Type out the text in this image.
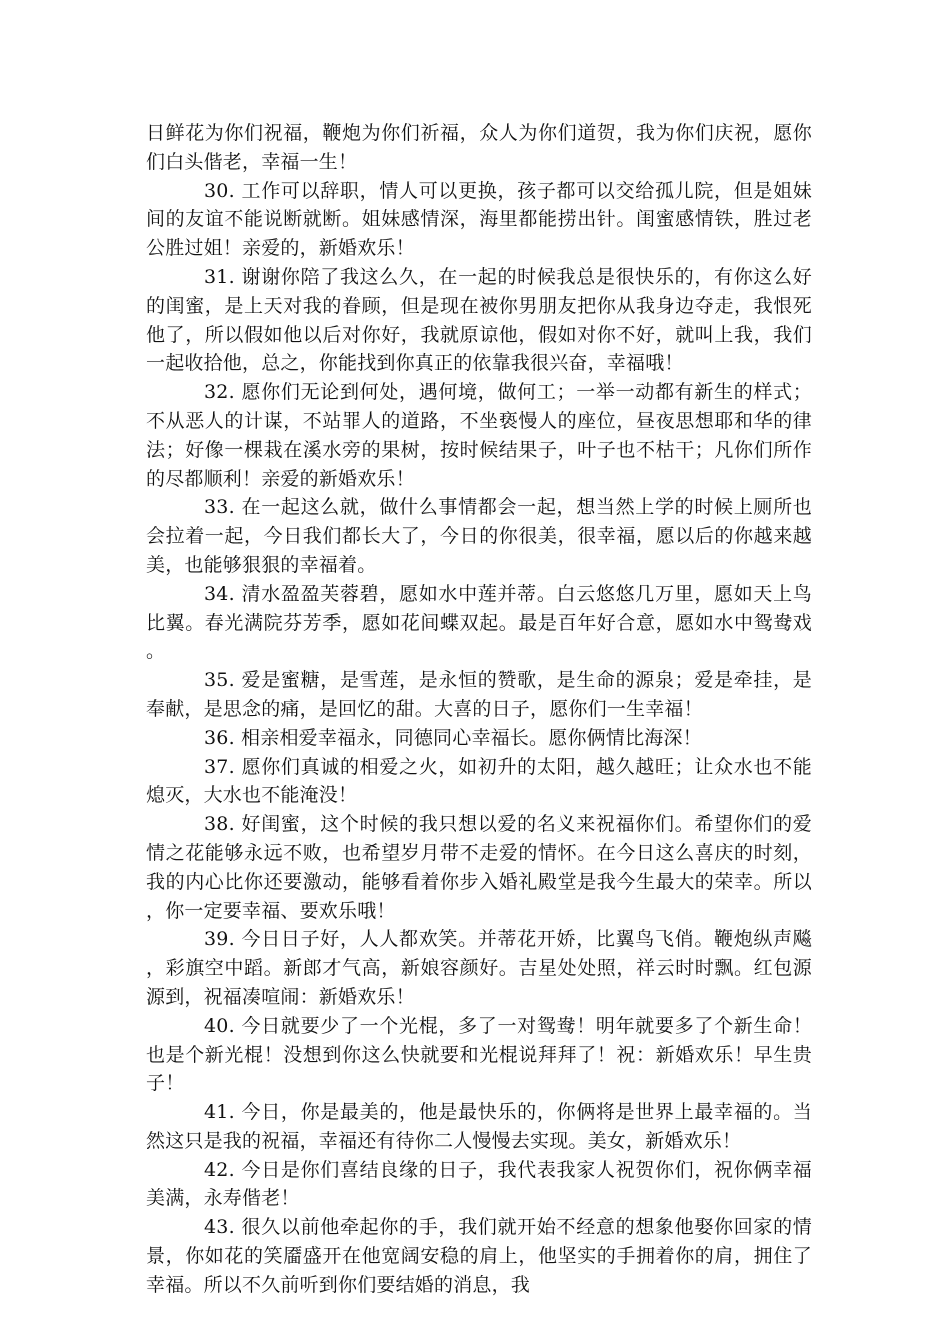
日鲜花为你们祝福，鞭炮为你们祈福，众人为你们道贺，我为你们庆祝，愿你们白头偕老，幸福一生！

30. 工作可以辞职，情人可以更换，孩子都可以交给孤儿院，但是姐妹间的友谊不能说断就断。姐妹感情深，海里都能捞出针。闺蜜感情铁，胜过老公胜过姐！亲爱的，新婚欢乐！

31. 谢谢你陪了我这么久，在一起的时候我总是很快乐的，有你这么好的闺蜜，是上天对我的眷顾，但是现在被你男朋友把你从我身边夺走，我恨死他了，所以假如他以后对你好，我就原谅他，假如对你不好，就叫上我，我们一起收拾他，总之，你能找到你真正的依靠我很兴奋，幸福哦！

32. 愿你们无论到何处，遇何境，做何工；一举一动都有新生的样式；不从恶人的计谋，不站罪人的道路，不坐亵慢人的座位，昼夜思想耶和华的律法；好像一棵栽在溪水旁的果树，按时候结果子，叶子也不枯干；凡你们所作的尽都顺利！亲爱的新婚欢乐！

33. 在一起这么就，做什么事情都会一起，想当然上学的时候上厕所也会拉着一起，今日我们都长大了，今日的你很美，很幸福，愿以后的你越来越美，也能够狠狠的幸福着。

34. 清水盈盈芙蓉碧，愿如水中莲并蒂。白云悠悠几万里，愿如天上鸟比翼。春光满院芬芳季，愿如花间蝶双起。最是百年好合意，愿如水中鸳鸯戏。

35. 爱是蜜糖，是雪莲，是永恒的赞歌，是生命的源泉；爱是牵挂，是奉献，是思念的痛，是回忆的甜。大喜的日子，愿你们一生幸福！

36. 相亲相爱幸福永，同德同心幸福长。愿你俩情比海深！

37. 愿你们真诚的相爱之火，如初升的太阳，越久越旺；让众水也不能熄灭，大水也不能淹没！

38. 好闺蜜，这个时候的我只想以爱的名义来祝福你们。希望你们的爱情之花能够永远不败，也希望岁月带不走爱的情怀。在今日这么喜庆的时刻，我的内心比你还要激动，能够看着你步入婚礼殿堂是我今生最大的荣幸。所以，你一定要幸福、要欢乐哦！

39. 今日日子好，人人都欢笑。并蒂花开娇，比翼鸟飞俏。鞭炮纵声飚，彩旗空中蹈。新郎才气高，新娘容颜好。吉星处处照，祥云时时飘。红包源源到，祝福凑喧闹：新婚欢乐！

40. 今日就要少了一个光棍，多了一对鸳鸯！明年就要多了个新生命！也是个新光棍！没想到你这么快就要和光棍说拜拜了！祝：新婚欢乐！早生贵子！

41. 今日，你是最美的，他是最快乐的，你俩将是世界上最幸福的。当然这只是我的祝福，幸福还有待你二人慢慢去实现。美女，新婚欢乐！

42. 今日是你们喜结良缘的日子，我代表我家人祝贺你们，祝你俩幸福美满，永寿偕老！

43. 很久以前他牵起你的手，我们就开始不经意的想象他娶你回家的情景，你如花的笑靥盛开在他宽阔安稳的肩上，他坚实的手拥着你的肩，拥住了幸福。所以不久前听到你们要结婚的消息，我
